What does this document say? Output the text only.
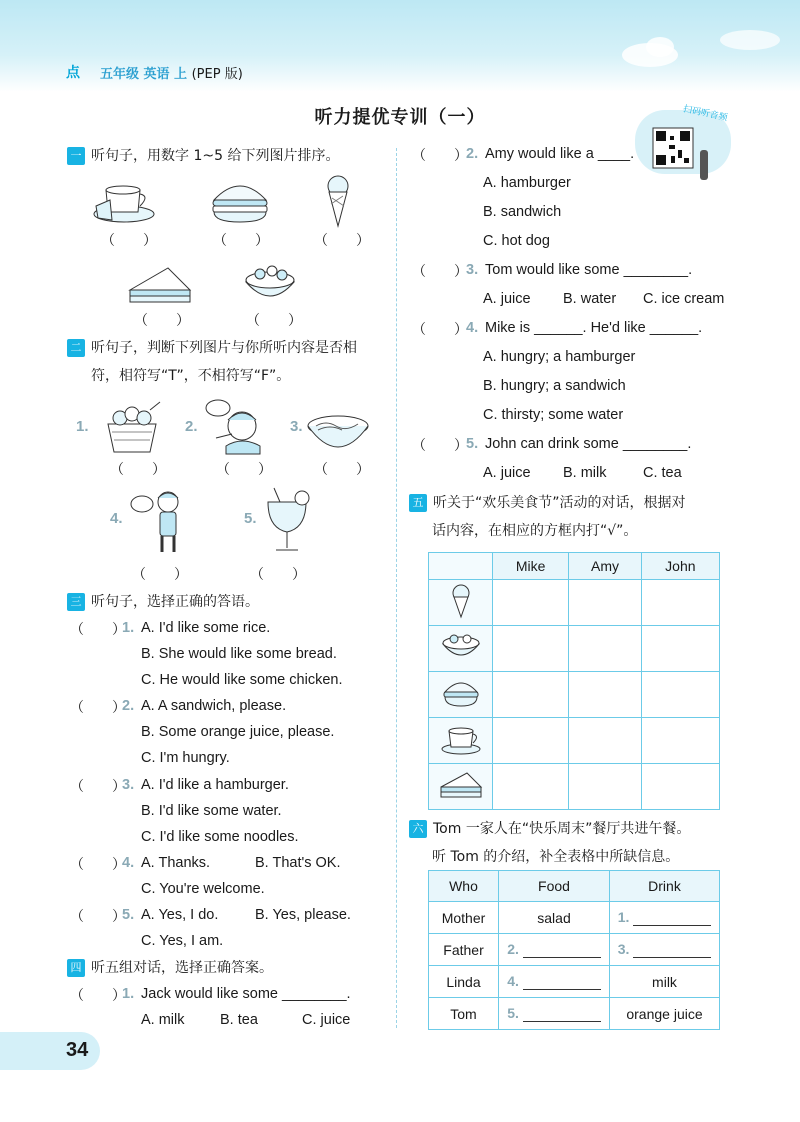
点 五年级 英语 上 (PEP 版)
听力提优专训（一）	扫码听音频
一 听句子，用数字 1~5 给下列图片排序。
（　　）	（　　）	（　　）
（　　）	（　　）
二 听句子，判断下列图片与你所听内容是否相
符，相符写“T”，不相符写“F”。
1.	2.	3.
（　　）	（　　）	（　　）
4.	5.
（　　）	（　　）
三 听句子，选择正确的答语。
（　　）
1. A. I'd like some rice.
B. She would like some bread.
C. He would like some chicken.
（　　）
2. A. A sandwich, please.
B. Some orange juice, please.
C. I'm hungry.
（　　）
3. A. I'd like a hamburger.
B. I'd like some water.
C. I'd like some noodles.
（　　）
4. A. Thanks.	B. That's OK.
C. You're welcome.
（　　）
5. A. Yes, I do.	B. Yes, please.
C. Yes, I am.
四 听五组对话，选择正确答案。
（　　）
1. Jack would like some ________.
A. milk B. tea	C. juice
（　　）
2. Amy would like a ____.
A. hamburger
B. sandwich
C. hot dog
（　　）
3. Tom would like some ________.
A. juice B. water C. ice cream
（　　）
4. Mike is ______. He'd like ______.
A. hungry; a hamburger
B. hungry; a sandwich
C. thirsty; some water
（　　）
5. John can drink some ________.
A. juice B. milk	C. tea
五 听关于“欢乐美食节”活动的对话，根据对
话内容，在相应的方框内打“√”。
	Mike	Amy	John

六 Tom 一家人在“快乐周末”餐厅共进午餐。
听 Tom 的介绍，补全表格中所缺信息。
Who	Food	Drink
Mother	salad	1.
Father	2.	3.
Linda	4.	milk
Tom	5.	orange juice
34
